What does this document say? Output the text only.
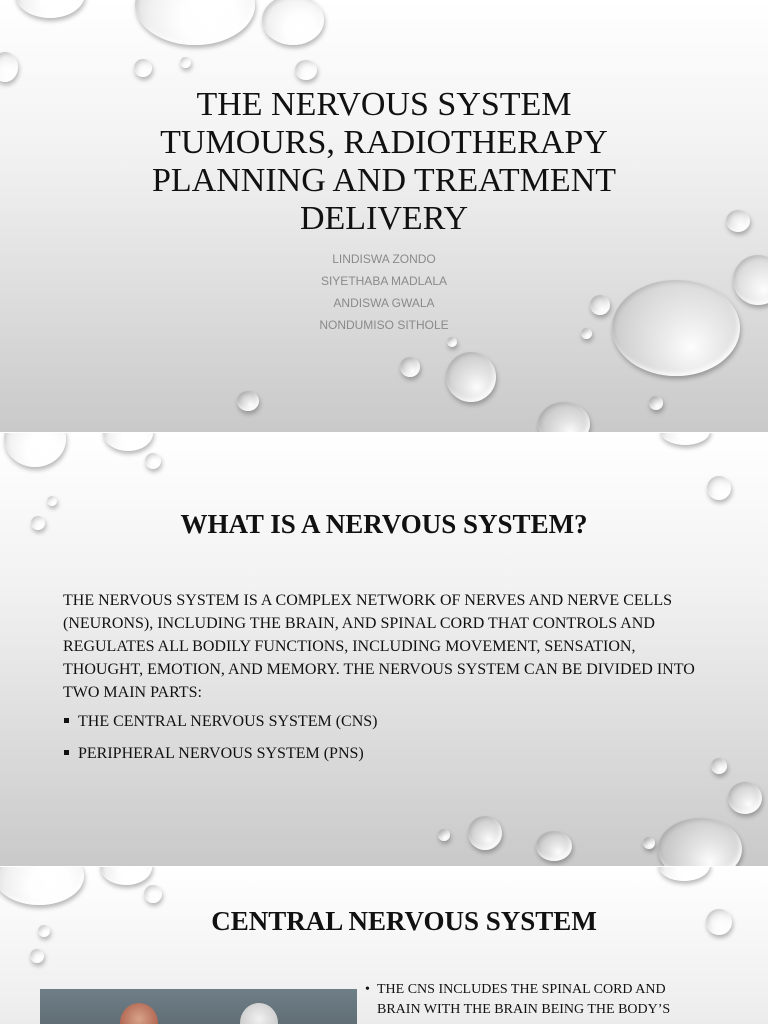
THE NERVOUS SYSTEM TUMOURS, RADIOTHERAPY PLANNING AND TREATMENT DELIVERY
LINDISWA ZONDO
SIYETHABA MADLALA
ANDISWA GWALA
NONDUMISO SITHOLE
WHAT IS A NERVOUS SYSTEM?
THE NERVOUS SYSTEM IS A COMPLEX NETWORK OF NERVES AND NERVE CELLS (NEURONS), INCLUDING THE BRAIN, AND SPINAL CORD THAT CONTROLS AND REGULATES ALL BODILY FUNCTIONS, INCLUDING MOVEMENT, SENSATION, THOUGHT, EMOTION, AND MEMORY. THE NERVOUS SYSTEM CAN BE DIVIDED INTO TWO MAIN PARTS:
THE CENTRAL NERVOUS SYSTEM (CNS)
PERIPHERAL NERVOUS SYSTEM (PNS)
CENTRAL NERVOUS SYSTEM
• THE CNS INCLUDES THE SPINAL CORD AND BRAIN WITH THE BRAIN BEING THE BODY’S
